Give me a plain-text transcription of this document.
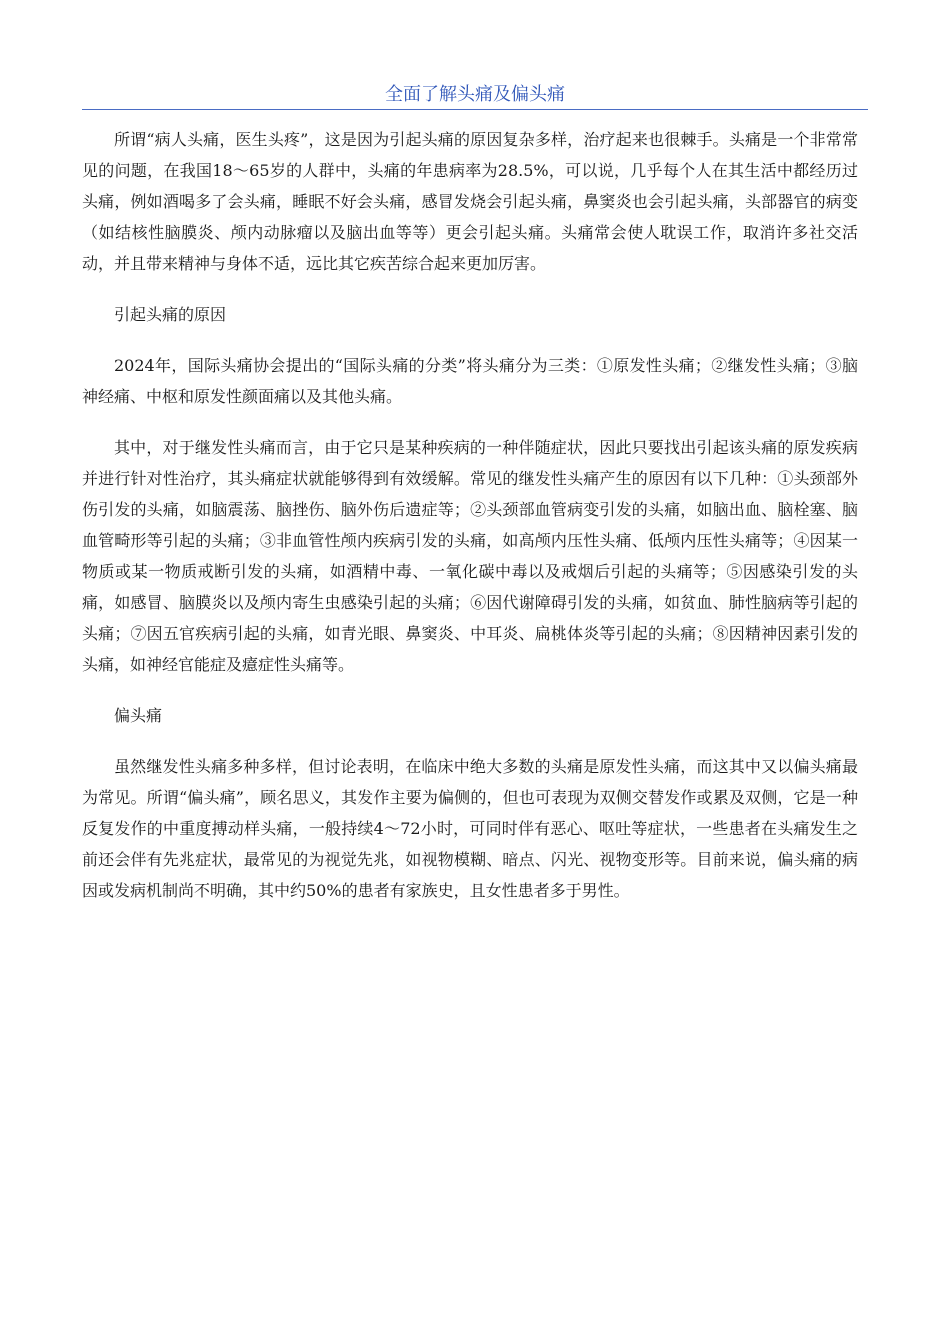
全面了解头痛及偏头痛

所谓“病人头痛，医生头疼”，这是因为引起头痛的原因复杂多样，治疗起来也很棘手。头痛是一个非常常见的问题，在我国18～65岁的人群中，头痛的年患病率为28.5%，可以说，几乎每个人在其生活中都经历过头痛，例如酒喝多了会头痛，睡眠不好会头痛，感冒发烧会引起头痛，鼻窦炎也会引起头痛，头部器官的病变（如结核性脑膜炎、颅内动脉瘤以及脑出血等等）更会引起头痛。头痛常会使人耽误工作，取消许多社交活动，并且带来精神与身体不适，远比其它疾苦综合起来更加厉害。

引起头痛的原因

2024年，国际头痛协会提出的“国际头痛的分类”将头痛分为三类：①原发性头痛；②继发性头痛；③脑神经痛、中枢和原发性颜面痛以及其他头痛。

其中，对于继发性头痛而言，由于它只是某种疾病的一种伴随症状，因此只要找出引起该头痛的原发疾病并进行针对性治疗，其头痛症状就能够得到有效缓解。常见的继发性头痛产生的原因有以下几种：①头颈部外伤引发的头痛，如脑震荡、脑挫伤、脑外伤后遗症等；②头颈部血管病变引发的头痛，如脑出血、脑栓塞、脑血管畸形等引起的头痛；③非血管性颅内疾病引发的头痛，如高颅内压性头痛、低颅内压性头痛等；④因某一物质或某一物质戒断引发的头痛，如酒精中毒、一氧化碳中毒以及戒烟后引起的头痛等；⑤因感染引发的头痛，如感冒、脑膜炎以及颅内寄生虫感染引起的头痛；⑥因代谢障碍引发的头痛，如贫血、肺性脑病等引起的头痛；⑦因五官疾病引起的头痛，如青光眼、鼻窦炎、中耳炎、扁桃体炎等引起的头痛；⑧因精神因素引发的头痛，如神经官能症及癔症性头痛等。

偏头痛

虽然继发性头痛多种多样，但讨论表明，在临床中绝大多数的头痛是原发性头痛，而这其中又以偏头痛最为常见。所谓“偏头痛”，顾名思义，其发作主要为偏侧的，但也可表现为双侧交替发作或累及双侧，它是一种反复发作的中重度搏动样头痛，一般持续4～72小时，可同时伴有恶心、呕吐等症状，一些患者在头痛发生之前还会伴有先兆症状，最常见的为视觉先兆，如视物模糊、暗点、闪光、视物变形等。目前来说，偏头痛的病因或发病机制尚不明确，其中约50%的患者有家族史，且女性患者多于男性。
